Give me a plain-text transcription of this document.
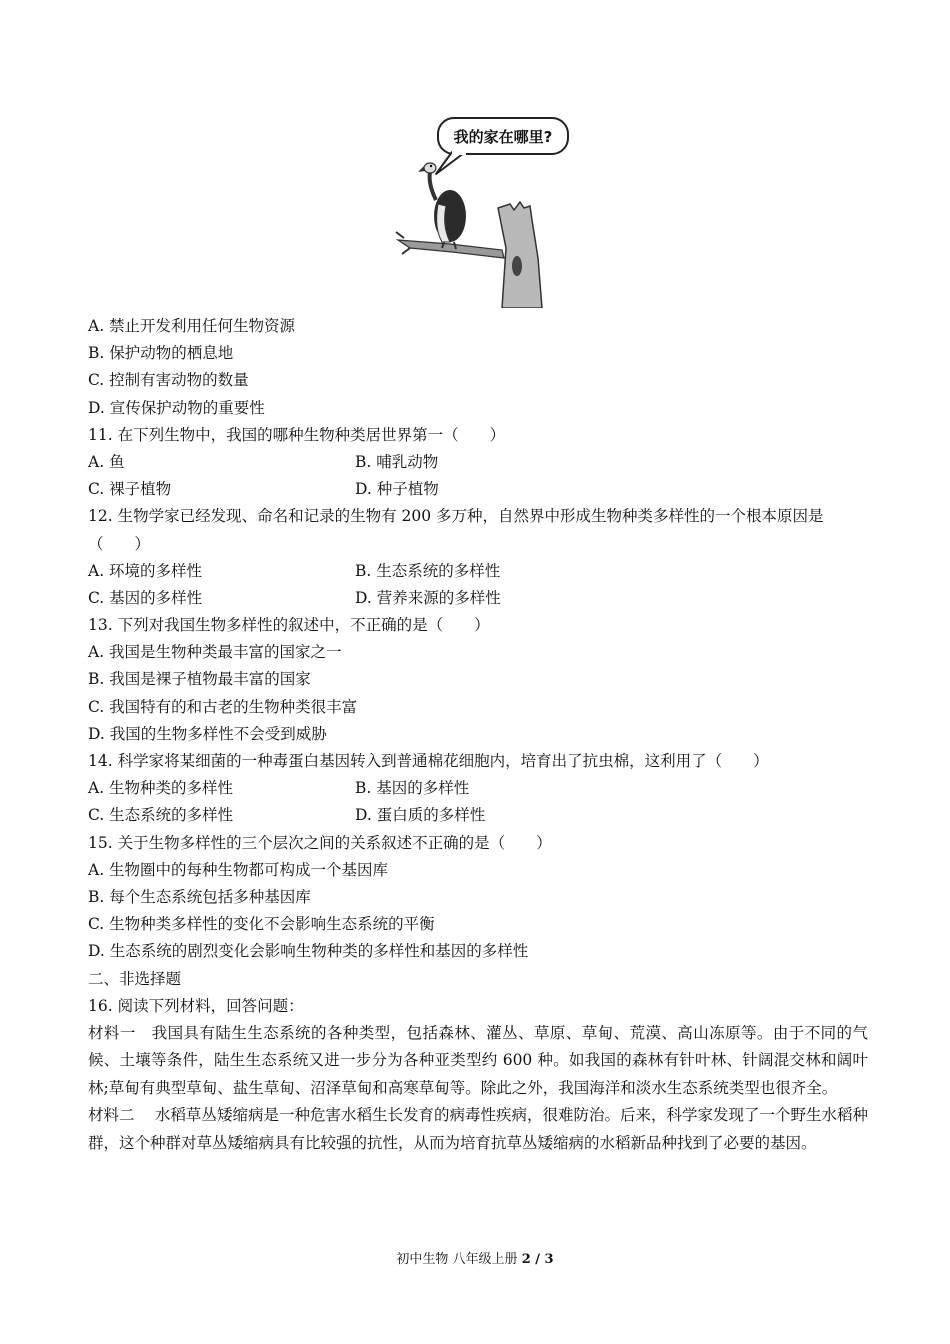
我的家在哪里?
A. 禁止开发利用任何生物资源
B. 保护动物的栖息地
C. 控制有害动物的数量
D. 宣传保护动物的重要性
11. 在下列生物中，我国的哪种生物种类居世界第一（　　）
A. 鱼	B. 哺乳动物
C. 裸子植物	D. 种子植物
12. 生物学家已经发现、命名和记录的生物有 200 多万种，自然界中形成生物种类多样性的一个根本原因是
（　　）
A. 环境的多样性	B. 生态系统的多样性
C. 基因的多样性	D. 营养来源的多样性
13. 下列对我国生物多样性的叙述中，不正确的是（　　）
A. 我国是生物种类最丰富的国家之一
B. 我国是裸子植物最丰富的国家
C. 我国特有的和古老的生物种类很丰富
D. 我国的生物多样性不会受到威胁
14. 科学家将某细菌的一种毒蛋白基因转入到普通棉花细胞内，培育出了抗虫棉，这利用了（　　）
A. 生物种类的多样性	B. 基因的多样性
C. 生态系统的多样性	D. 蛋白质的多样性
15. 关于生物多样性的三个层次之间的关系叙述不正确的是（　　）
A. 生物圈中的每种生物都可构成一个基因库
B. 每个生态系统包括多种基因库
C. 生物种类多样性的变化不会影响生态系统的平衡
D. 生态系统的剧烈变化会影响生物种类的多样性和基因的多样性
二、非选择题
16. 阅读下列材料，回答问题：
材料一　我国具有陆生生态系统的各种类型，包括森林、灌丛、草原、草甸、荒漠、高山冻原等。由于不同的气候、土壤等条件，陆生生态系统又进一步分为各种亚类型约 600 种。如我国的森林有针叶林、针阔混交林和阔叶林;草甸有典型草甸、盐生草甸、沼泽草甸和高寒草甸等。除此之外，我国海洋和淡水生态系统类型也很齐全。
材料二　 水稻草丛矮缩病是一种危害水稻生长发育的病毒性疾病，很难防治。后来，科学家发现了一个野生水稻种群，这个种群对草丛矮缩病具有比较强的抗性，从而为培育抗草丛矮缩病的水稻新品种找到了必要的基因。
初中生物 八年级上册 2 / 3
